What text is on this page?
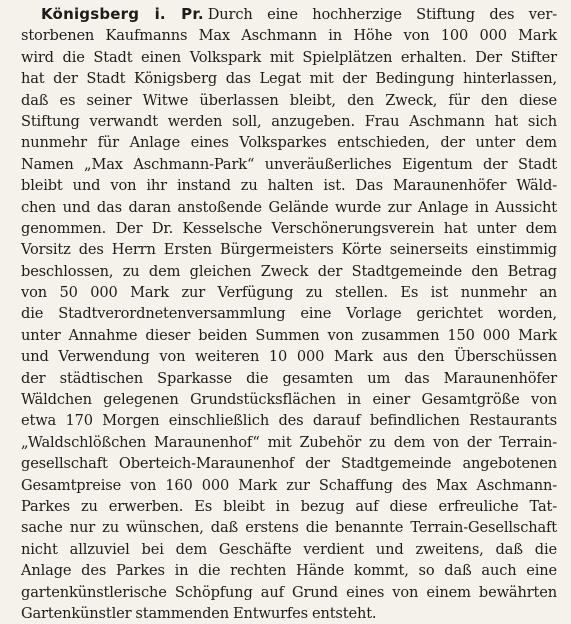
Königsberg i. Pr. Durch eine hochherzige Stiftung des ver-
storbenen Kaufmanns Max Aschmann in Höhe von 100 000 Mark
wird die Stadt einen Volkspark mit Spielplätzen erhalten. Der Stifter
hat der Stadt Königsberg das Legat mit der Bedingung hinterlassen,
daß es seiner Witwe überlassen bleibt, den Zweck, für den diese
Stiftung verwandt werden soll, anzugeben. Frau Aschmann hat sich
nunmehr für Anlage eines Volksparkes entschieden, der unter dem
Namen „Max Aschmann-Park“ unveräußerliches Eigentum der Stadt
bleibt und von ihr instand zu halten ist. Das Maraunenhöfer Wäld-
chen und das daran anstoßende Gelände wurde zur Anlage in Aussicht
genommen. Der Dr. Kesselsche Verschönerungsverein hat unter dem
Vorsitz des Herrn Ersten Bürgermeisters Körte seinerseits einstimmig
beschlossen, zu dem gleichen Zweck der Stadtgemeinde den Betrag
von 50 000 Mark zur Verfügung zu stellen. Es ist nunmehr an
die Stadtverordnetenversammlung eine Vorlage gerichtet worden,
unter Annahme dieser beiden Summen von zusammen 150 000 Mark
und Verwendung von weiteren 10 000 Mark aus den Überschüssen
der städtischen Sparkasse die gesamten um das Maraunenhöfer
Wäldchen gelegenen Grundstücksflächen in einer Gesamtgröße von
etwa 170 Morgen einschließlich des darauf befindlichen Restaurants
„Waldschlößchen Maraunenhof“ mit Zubehör zu dem von der Terrain-
gesellschaft Oberteich-Maraunenhof der Stadtgemeinde angebotenen
Gesamtpreise von 160 000 Mark zur Schaffung des Max Aschmann-
Parkes zu erwerben. Es bleibt in bezug auf diese erfreuliche Tat-
sache nur zu wünschen, daß erstens die benannte Terrain-Gesellschaft
nicht allzuviel bei dem Geschäfte verdient und zweitens, daß die
Anlage des Parkes in die rechten Hände kommt, so daß auch eine
gartenkünstlerische Schöpfung auf Grund eines von einem bewährten
Gartenkünstler stammenden Entwurfes entsteht.
